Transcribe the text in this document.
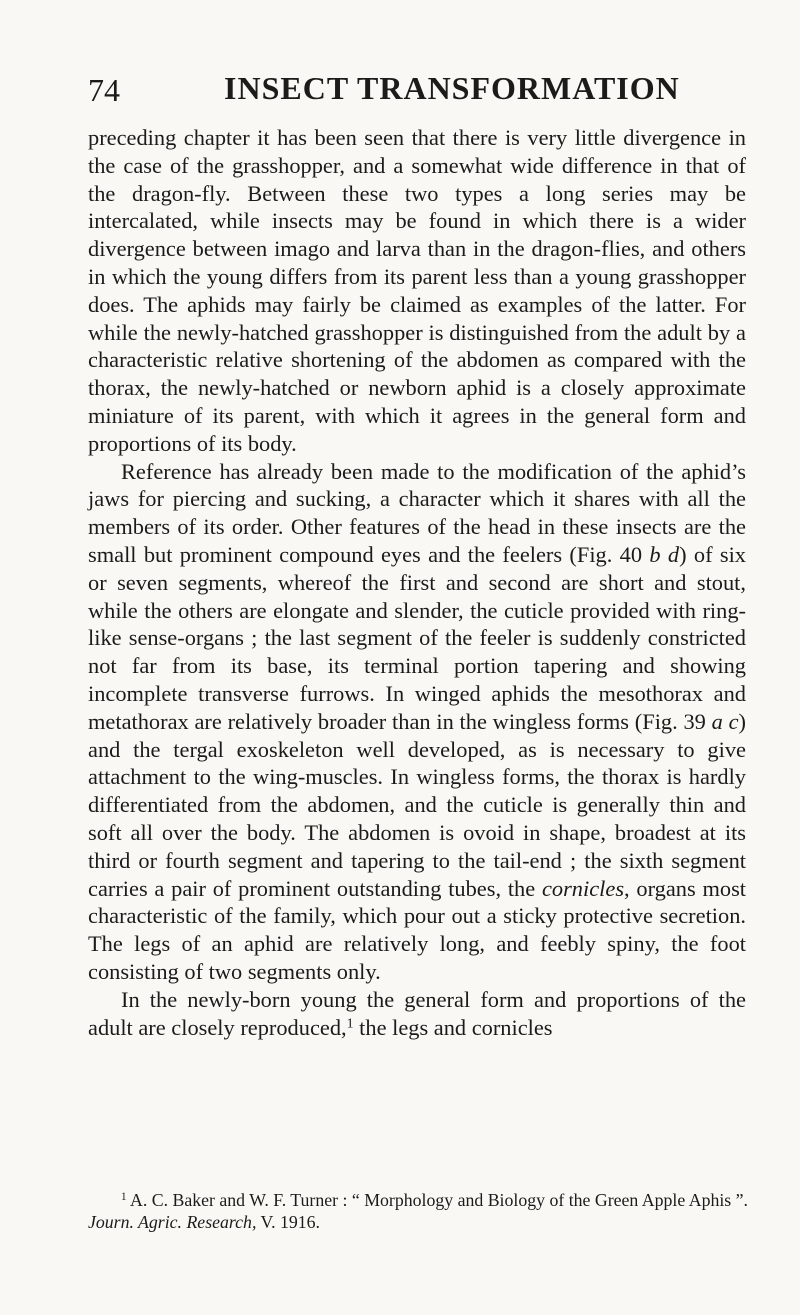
74	INSECT TRANSFORMATION

preceding chapter it has been seen that there is very little divergence in the case of the grasshopper, and a somewhat wide difference in that of the dragon-fly. Between these two types a long series may be intercalated, while insects may be found in which there is a wider divergence between imago and larva than in the dragon-flies, and others in which the young differs from its parent less than a young grasshopper does. The aphids may fairly be claimed as examples of the latter. For while the newly-hatched grasshopper is distinguished from the adult by a characteristic relative shortening of the abdomen as compared with the thorax, the newly-hatched or newborn aphid is a closely approximate miniature of its parent, with which it agrees in the general form and proportions of its body.

Reference has already been made to the modification of the aphid’s jaws for piercing and sucking, a character which it shares with all the members of its order. Other features of the head in these insects are the small but prominent compound eyes and the feelers (Fig. 40 b d) of six or seven segments, whereof the first and second are short and stout, while the others are elongate and slender, the cuticle provided with ring-like sense-organs ; the last segment of the feeler is suddenly constricted not far from its base, its terminal portion tapering and showing incomplete transverse furrows. In winged aphids the mesothorax and metathorax are relatively broader than in the wingless forms (Fig. 39 a c) and the tergal exoskeleton well developed, as is necessary to give attachment to the wing-muscles. In wingless forms, the thorax is hardly differentiated from the abdomen, and the cuticle is generally thin and soft all over the body. The abdomen is ovoid in shape, broadest at its third or fourth segment and tapering to the tail-end ; the sixth segment carries a pair of prominent outstanding tubes, the cornicles, organs most characteristic of the family, which pour out a sticky protective secretion. The legs of an aphid are relatively long, and feebly spiny, the foot consisting of two segments only.

In the newly-born young the general form and proportions of the adult are closely reproduced,$^1$ the legs and cornicles

$^1$ A. C. Baker and W. F. Turner : “ Morphology and Biology of the Green Apple Aphis ”. Journ. Agric. Research, V. 1916.
